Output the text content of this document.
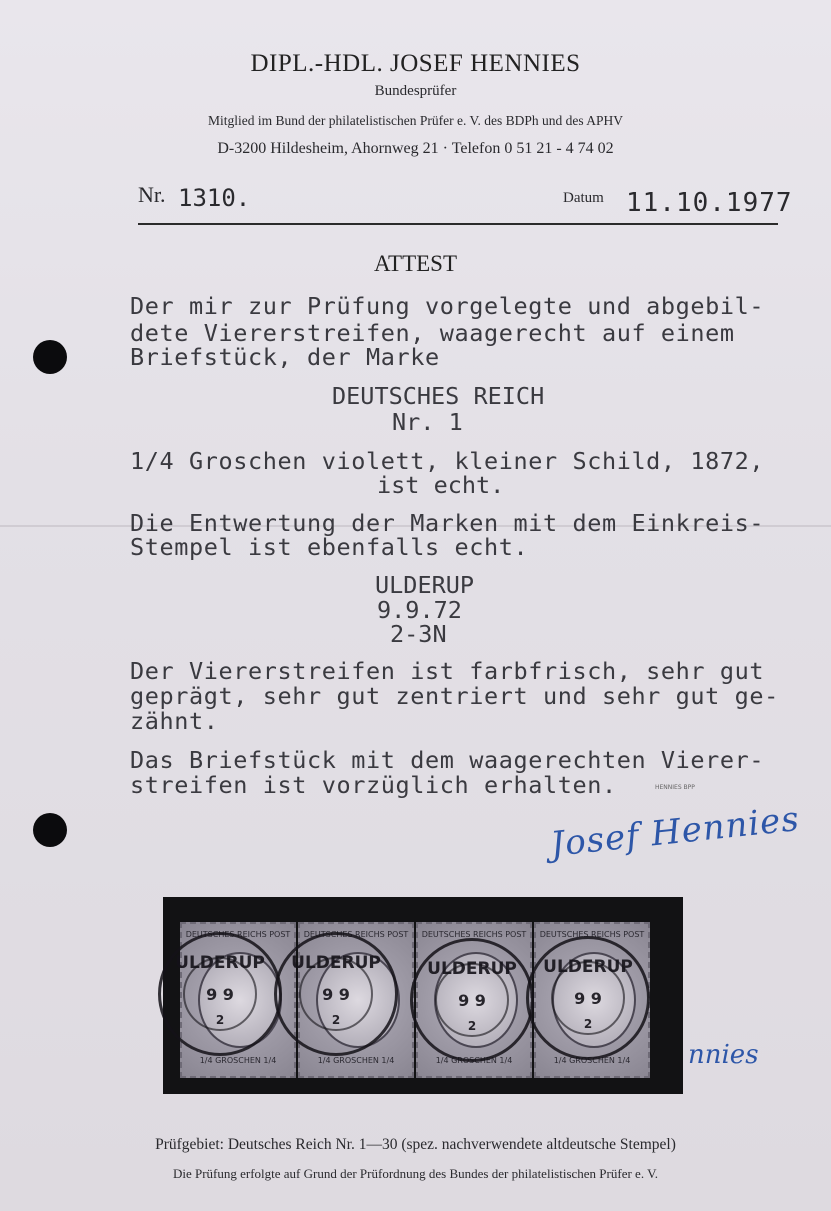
DIPL.-HDL. JOSEF HENNIES
Bundesprüfer
Mitglied im Bund der philatelistischen Prüfer e. V. des BDPh und des APHV
D-3200 Hildesheim, Ahornweg 21 · Telefon 0 51 21 - 4 74 02
Nr. 1310.	Datum 11.10.1977
ATTEST
Der mir zur Prüfung vorgelegte und abgebil-
dete Viererstreifen, waagerecht auf einem
Briefstück, der Marke
DEUTSCHES REICH
Nr. 1
1/4 Groschen violett, kleiner Schild, 1872,
ist echt.
Die Entwertung der Marken mit dem Einkreis-
Stempel ist ebenfalls echt.
ULDERUP
9.9.72
2-3N
Der Viererstreifen ist farbfrisch, sehr gut
geprägt, sehr gut zentriert und sehr gut ge-
zähnt.
Das Briefstück mit dem waagerechten Vierer-
streifen ist vorzüglich erhalten.	HENNIES BPP
Josef Hennies
DEUTSCHES REICHS POST
1/4 GROSCHEN 1/4
DEUTSCHES REICHS POST
1/4 GROSCHEN 1/4
DEUTSCHES REICHS POST
1/4 GROSCHEN 1/4
DEUTSCHES REICHS POST
1/4 GROSCHEN 1/4
ULDERUP
9 9
2
ULDERUP
9 9
2
ULDERUP
9 9
2
ULDERUP
9 9
2
nnies
Prüfgebiet: Deutsches Reich Nr. 1—30 (spez. nachverwendete altdeutsche Stempel)
Die Prüfung erfolgte auf Grund der Prüfordnung des Bundes der philatelistischen Prüfer e. V.
